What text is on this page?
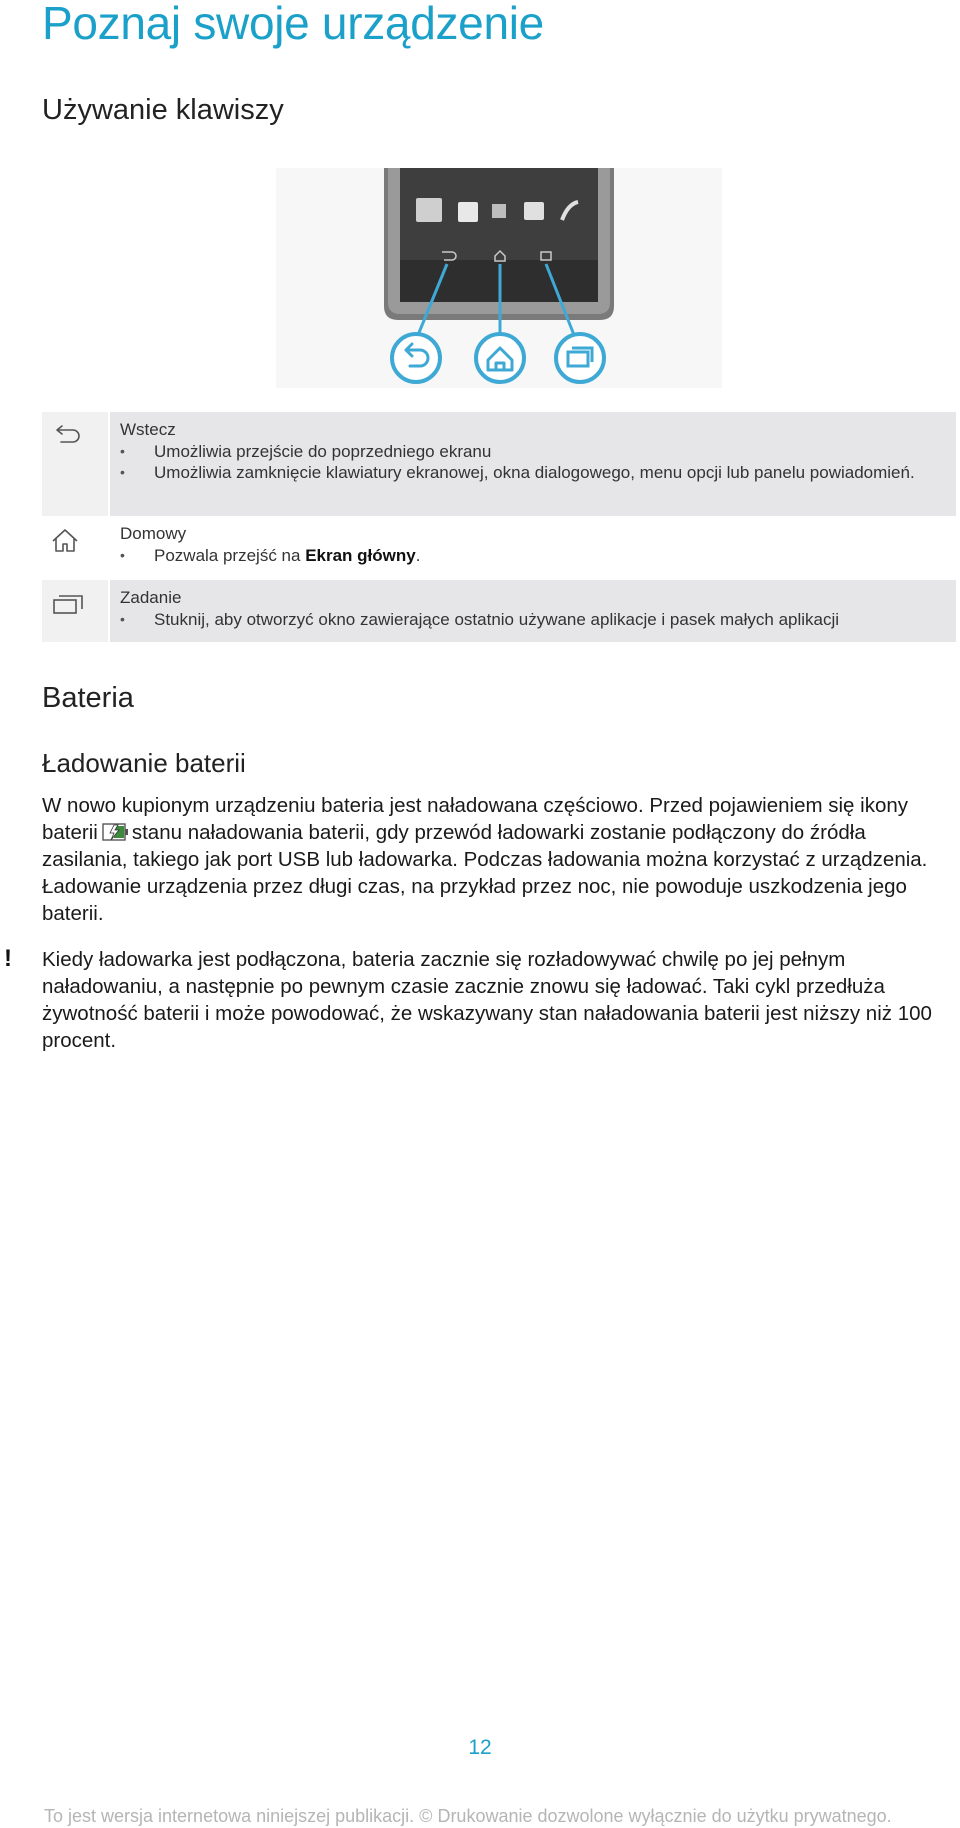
Poznaj swoje urządzenie
Używanie klawiszy
Wstecz
• Umożliwia przejście do poprzedniego ekranu
• Umożliwia zamknięcie klawiatury ekranowej, okna dialogowego, menu opcji lub panelu powiadomień.
Domowy
• Pozwala przejść na Ekran główny.
Zadanie
• Stuknij, aby otworzyć okno zawierające ostatnio używane aplikacje i pasek małych aplikacji
Bateria
Ładowanie baterii

W nowo kupionym urządzeniu bateria jest naładowana częściowo. Przed pojawieniem się ikony baterii stanu naładowania baterii, gdy przewód ładowarki zostanie podłączony do źródła zasilania, takiego jak port USB lub ładowarka. Podczas ładowania można korzystać z urządzenia. Ładowanie urządzenia przez długi czas, na przykład przez noc, nie powoduje uszkodzenia jego baterii.

! Kiedy ładowarka jest podłączona, bateria zacznie się rozładowywać chwilę po jej pełnym naładowaniu, a następnie po pewnym czasie zacznie znowu się ładować. Taki cykl przedłuża żywotność baterii i może powodować, że wskazywany stan naładowania baterii jest niższy niż 100 procent.

12
To jest wersja internetowa niniejszej publikacji. © Drukowanie dozwolone wyłącznie do użytku prywatnego.
